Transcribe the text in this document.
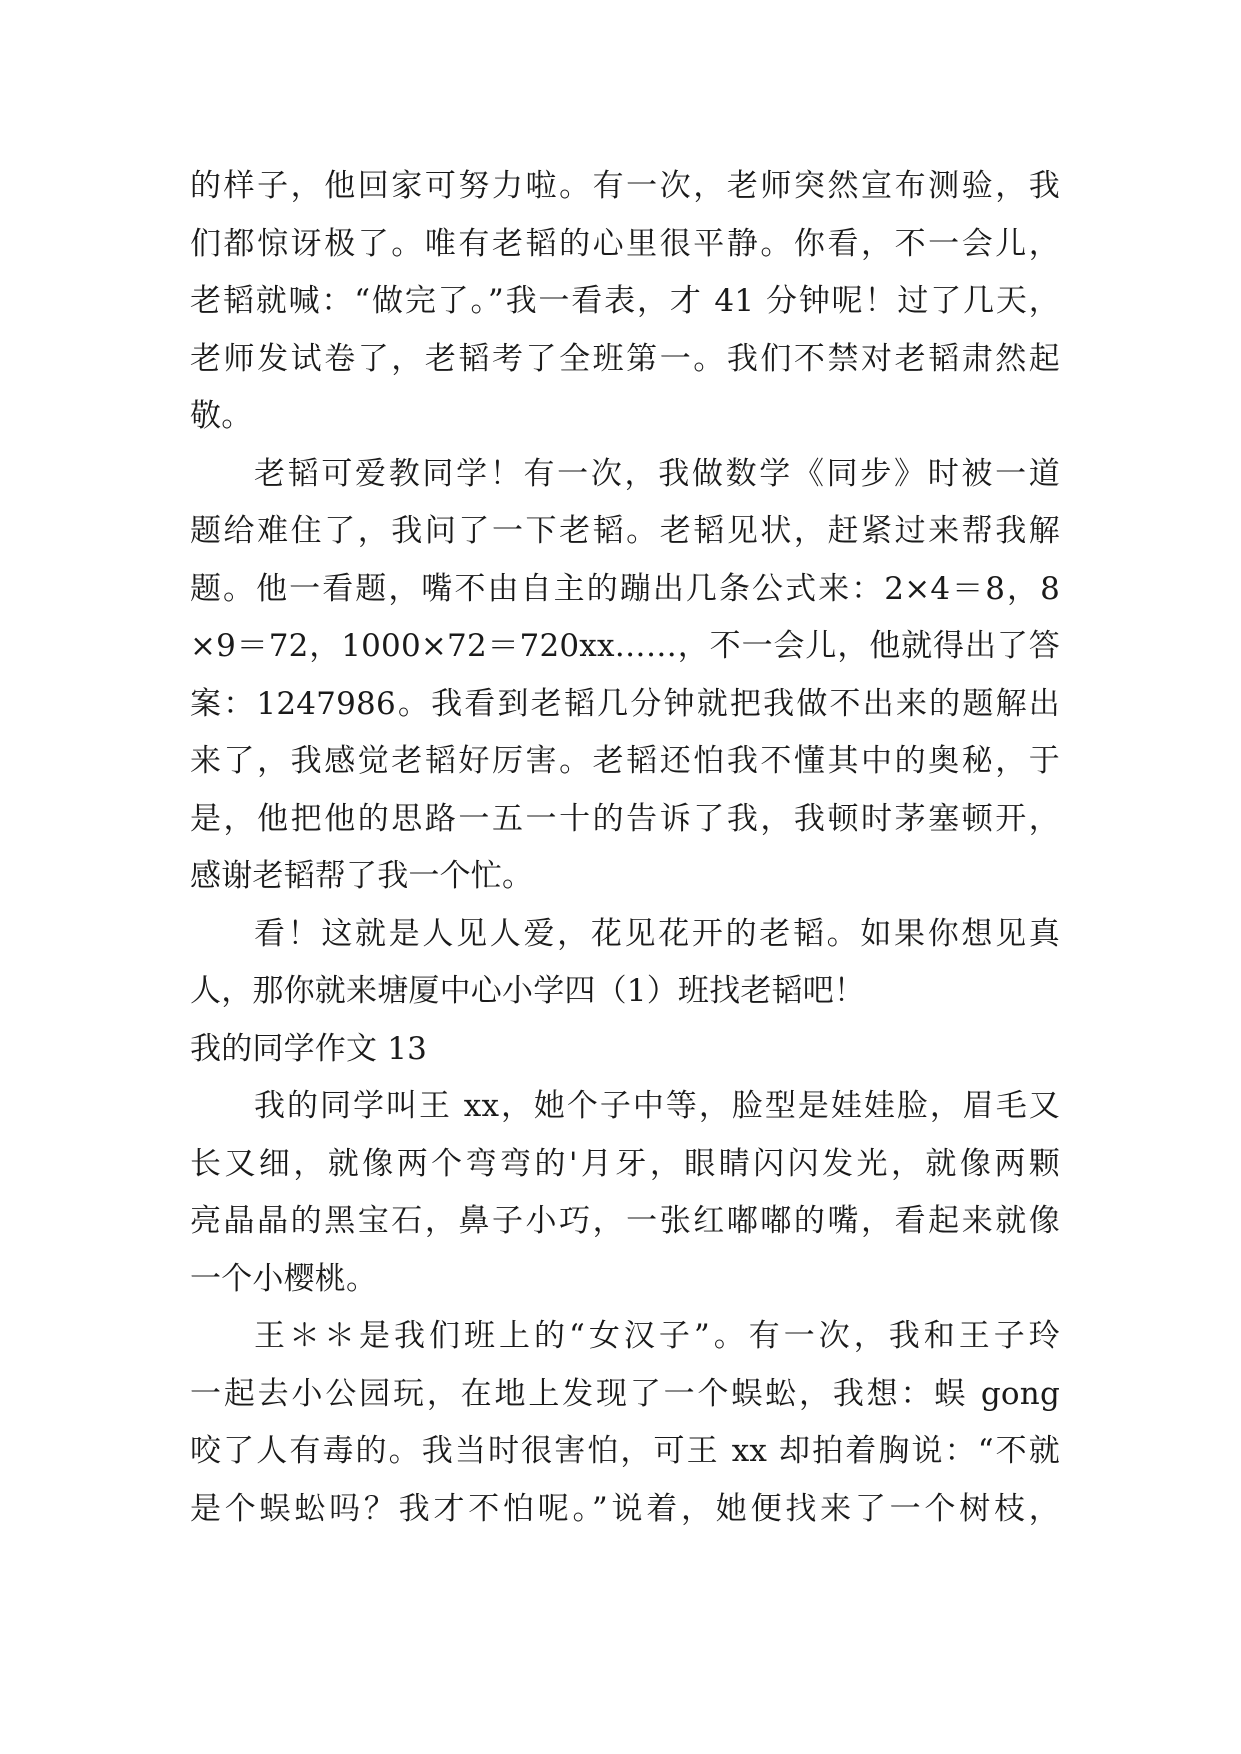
的样子，他回家可努力啦。有一次，老师突然宣布测验，我
们都惊讶极了。唯有老韬的心里很平静。你看，不一会儿，
老韬就喊：“做完了。”我一看表，才 41 分钟呢！过了几天，
老师发试卷了，老韬考了全班第一。我们不禁对老韬肃然起
敬。
老韬可爱教同学！有一次，我做数学《同步》时被一道
题给难住了，我问了一下老韬。老韬见状，赶紧过来帮我解
题。他一看题，嘴不由自主的蹦出几条公式来：2×4＝8，8
×9＝72，1000×72＝720xx……，不一会儿，他就得出了答
案：1247986。我看到老韬几分钟就把我做不出来的题解出
来了，我感觉老韬好厉害。老韬还怕我不懂其中的奥秘，于
是，他把他的思路一五一十的告诉了我，我顿时茅塞顿开，
感谢老韬帮了我一个忙。
看！这就是人见人爱，花见花开的老韬。如果你想见真
人，那你就来塘厦中心小学四（1）班找老韬吧！
我的同学作文 13
我的同学叫王 xx，她个子中等，脸型是娃娃脸，眉毛又
长又细，就像两个弯弯的'月牙，眼睛闪闪发光，就像两颗
亮晶晶的黑宝石，鼻子小巧，一张红嘟嘟的嘴，看起来就像
一个小樱桃。
王＊＊是我们班上的“女汉子”。有一次，我和王子玲
一起去小公园玩，在地上发现了一个蜈蚣，我想：蜈 gong
咬了人有毒的。我当时很害怕，可王 xx 却拍着胸说：“不就
是个蜈蚣吗？我才不怕呢。”说着，她便找来了一个树枝，
